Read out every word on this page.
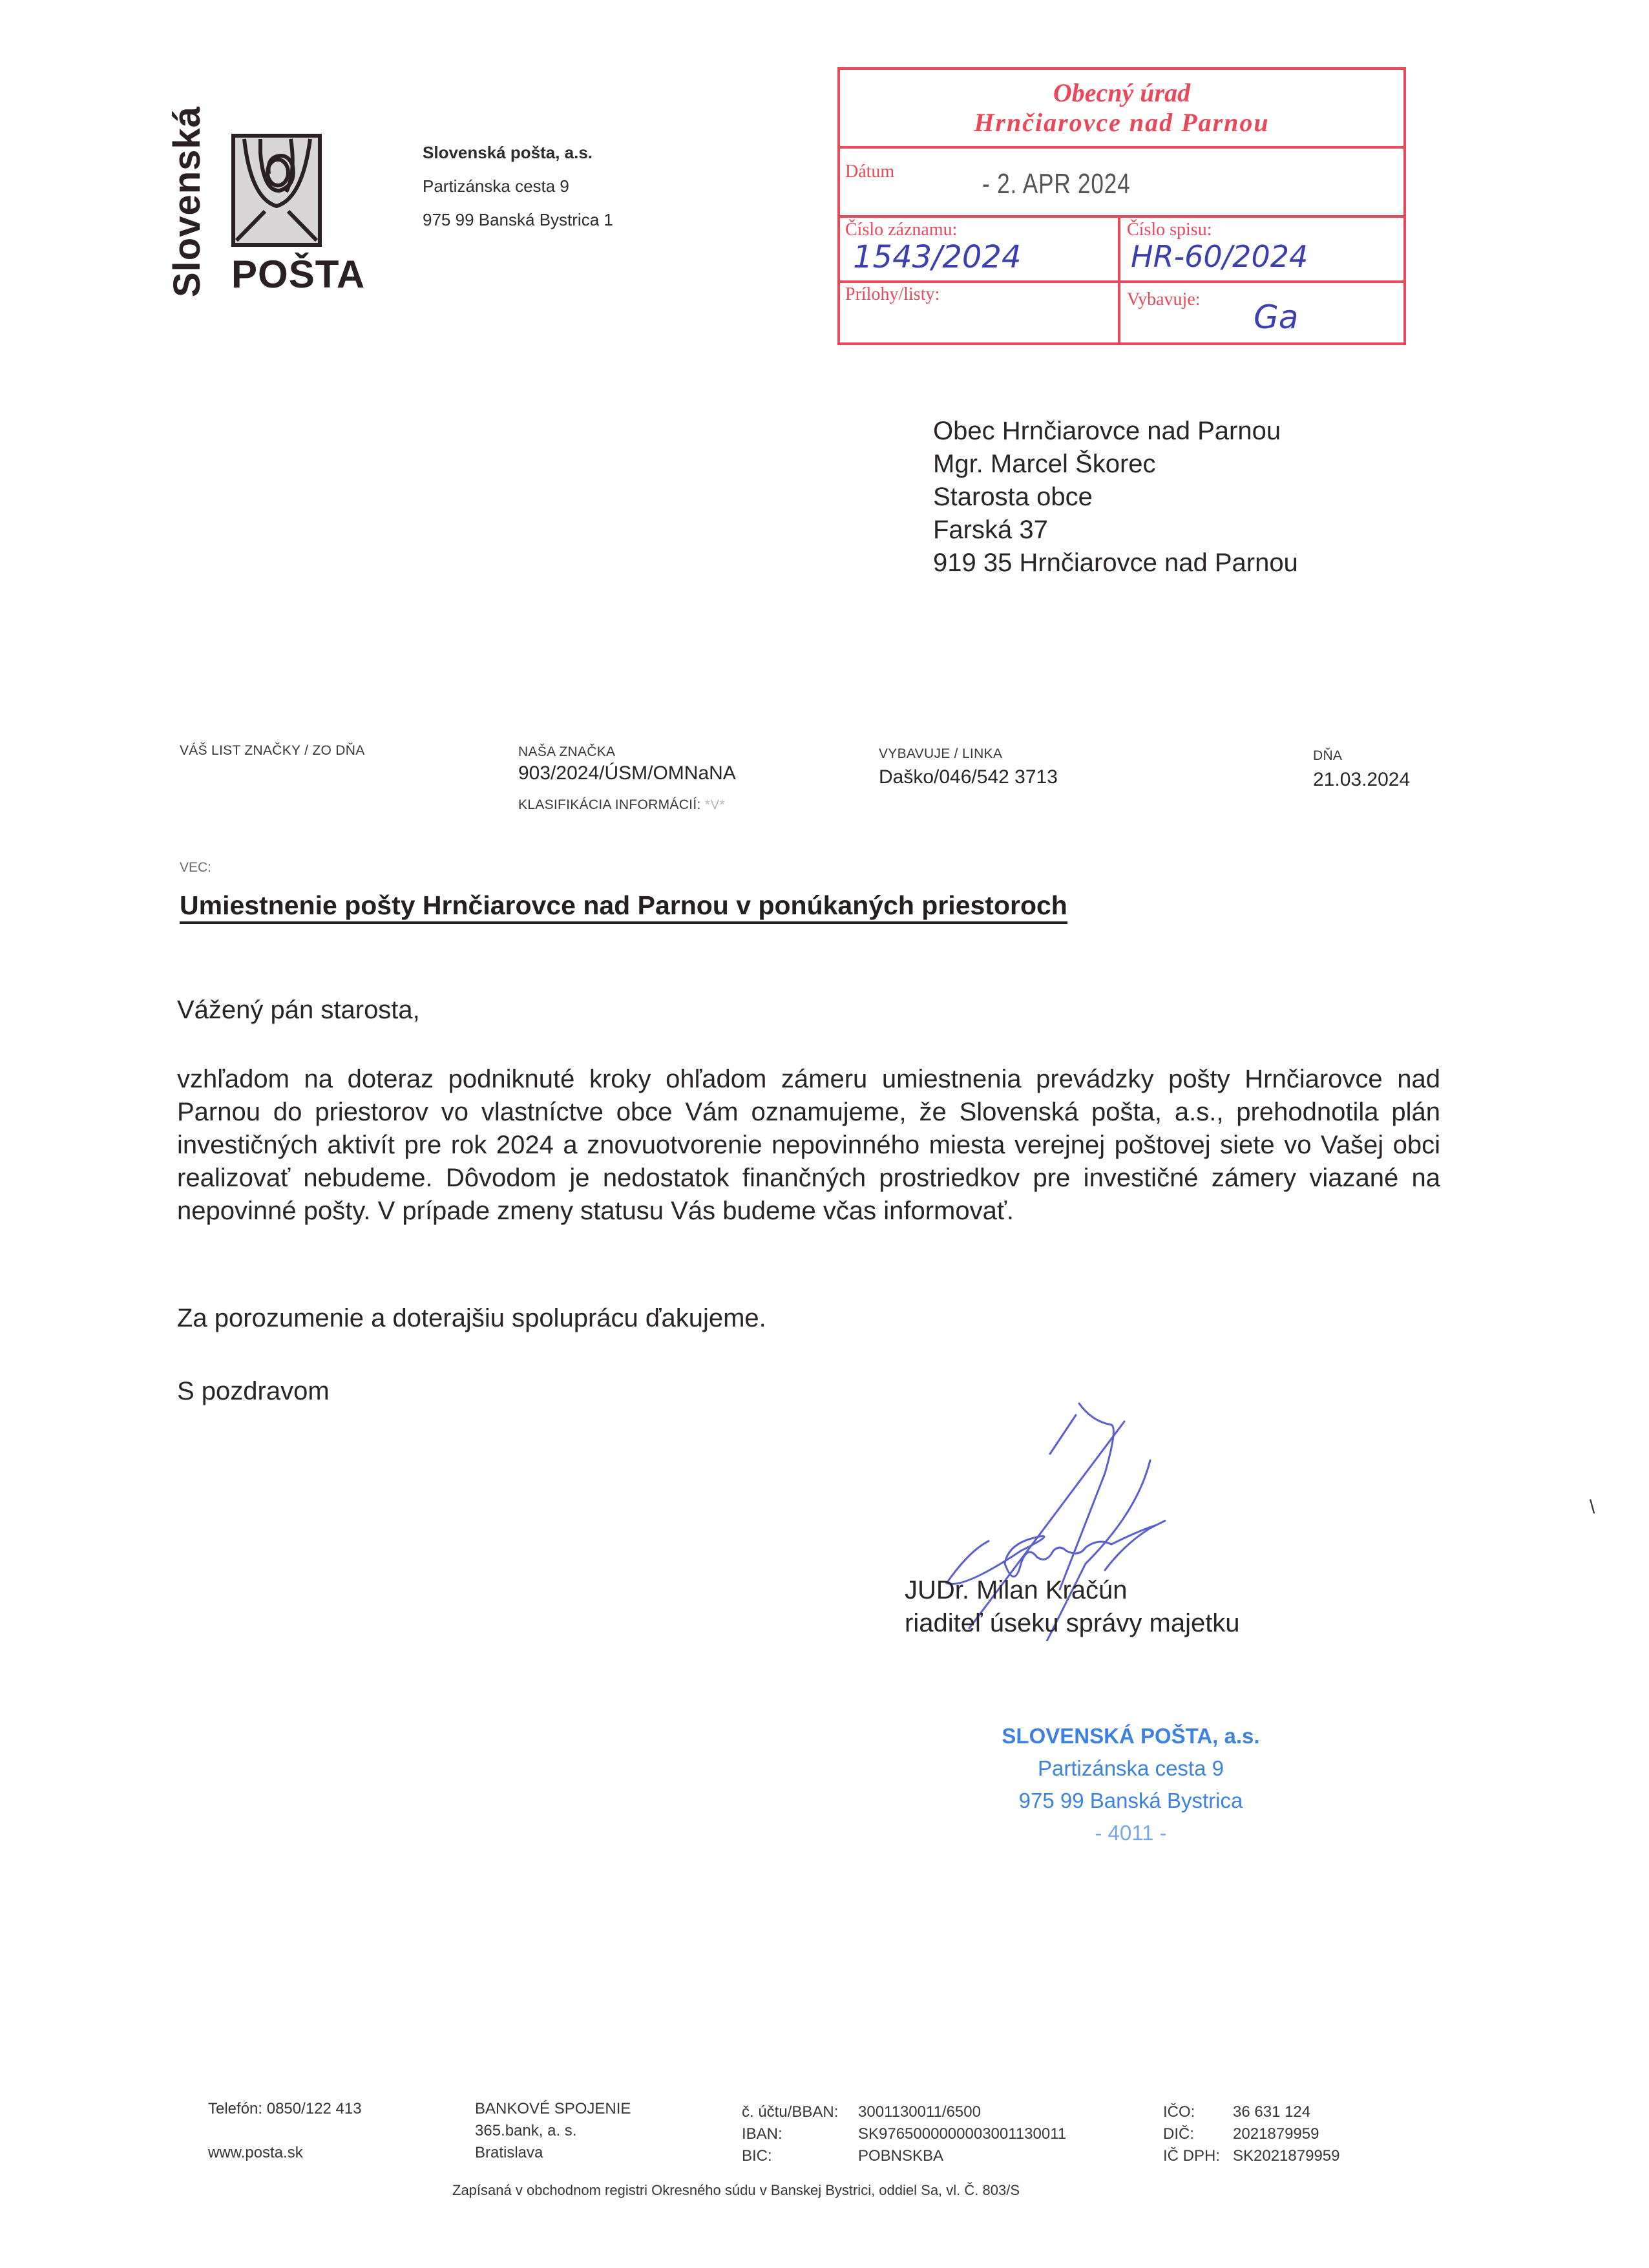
Slovenská POŠTA
Slovenská pošta, a.s.
Partizánska cesta 9
975 99 Banská Bystrica 1
Obecný úrad
Hrnčiarovce nad Parnou
Dátum	- 2. APR 2024
Číslo záznamu:
1543/2024
Číslo spisu:
HR-60/2024
Prílohy/listy:	Vybavuje: Ga
Obec Hrnčiarovce nad Parnou
Mgr. Marcel Škorec
Starosta obce
Farská 37
919 35 Hrnčiarovce nad Parnou
VÁŠ LIST ZNAČKY / ZO DŇA	NAŠA ZNAČKA
903/2024/ÚSM/OMNaNA
KLASIFIKÁCIA INFORMÁCIÍ: *V*
VYBAVUJE / LINKA
Daško/046/542 3713
DŇA
21.03.2024
VEC:
Umiestnenie pošty Hrnčiarovce nad Parnou v ponúkaných priestoroch
Vážený pán starosta,
vzhľadom na doteraz podniknuté kroky ohľadom zámeru umiestnenia prevádzky pošty Hrnčiarovce nad Parnou do priestorov vo vlastníctve obce Vám oznamujeme, že Slovenská pošta, a.s., prehodnotila plán investičných aktivít pre rok 2024 a znovuotvorenie nepovinného miesta verejnej poštovej siete vo Vašej obci realizovať nebudeme. Dôvodom je nedostatok finančných prostriedkov pre investičné zámery viazané na nepovinné pošty. V prípade zmeny statusu Vás budeme včas informovať.
Za porozumenie a doterajšiu spoluprácu ďakujeme.
S pozdravom
JUDr. Milan Kračún
riaditeľ úseku správy majetku
\
SLOVENSKÁ POŠTA, a.s.
Partizánska cesta 9
975 99 Banská Bystrica
- 4011 -
Telefón: 0850/122 413
www.posta.sk
BANKOVÉ SPOJENIE
365.bank, a. s.
Bratislava
č. účtu/BBAN: 3001130011/6500
IBAN:	SK9765000000003001130011
BIC:	POBNSKBA
IČO: 36 631 124
DIČ:	2021879959
IČ DPH: SK2021879959
Zapísaná v obchodnom registri Okresného súdu v Banskej Bystrici, oddiel Sa, vl. Č. 803/S
